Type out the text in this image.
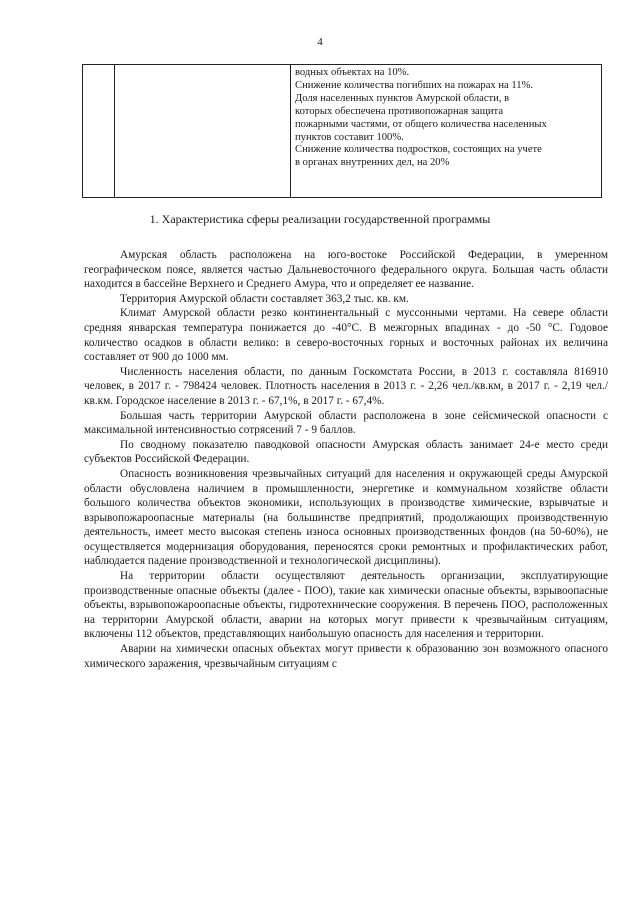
4
водных объектах на 10%.
Снижение количества погибших на пожарах на 11%.
Доля населенных пунктов Амурской области, в
которых обеспечена противопожарная защита
пожарными частями, от общего количества населенных
пунктов составит 100%.
Снижение количества подростков, состоящих на учете
в органах внутренних дел, на 20%
1. Характеристика сферы реализации государственной программы

Амурская область расположена на юго-востоке Российской Федерации, в умеренном географическом поясе, является частью Дальневосточного федерального округа. Большая часть области находится в бассейне Верхнего и Среднего Амура, что и определяет ее название.

Территория Амурской области составляет 363,2 тыс. кв. км.

Климат Амурской области резко континентальный с муссонными чертами. На севере области средняя январская температура понижается до -40°C. В межгорных впадинах - до -50 °C. Годовое количество осадков в области велико: в северо-восточных горных и восточных районах их величина составляет от 900 до 1000 мм.

Численность населения области, по данным Госкомстата России, в 2013 г. составляла 816910 человек, в 2017 г. - 798424 человек. Плотность населения в 2013 г. - 2,26 чел./кв.км, в 2017 г. - 2,19 чел./кв.км. Городское население в 2013 г. - 67,1%, в 2017 г. - 67,4%.

Большая часть территории Амурской области расположена в зоне сейсмической опасности с максимальной интенсивностью сотрясений 7 - 9 баллов.

По сводному показателю паводковой опасности Амурская область занимает 24-е место среди субъектов Российской Федерации.

Опасность возникновения чрезвычайных ситуаций для населения и окружающей среды Амурской области обусловлена наличием в промышленности, энергетике и коммунальном хозяйстве области большого количества объектов экономики, использующих в производстве химические, взрывчатые и взрывопожароопасные материалы (на большинстве предприятий, продолжающих производственную деятельность, имеет место высокая степень износа основных производственных фондов (на 50-60%), не осуществляется модернизация оборудования, переносятся сроки ремонтных и профилактических работ, наблюдается падение производственной и технологической дисциплины).

На территории области осуществляют деятельность организации, эксплуатирующие производственные опасные объекты (далее - ПОО), такие как химически опасные объекты, взрывоопасные объекты, взрывопожароопасные объекты, гидротехнические сооружения. В перечень ПОО, расположенных на территории Амурской области, аварии на которых могут привести к чрезвычайным ситуациям, включены 112 объектов, представляющих наибольшую опасность для населения и территории.

Аварии на химически опасных объектах могут привести к образованию зон возможного опасного химического заражения, чрезвычайным ситуациям с
